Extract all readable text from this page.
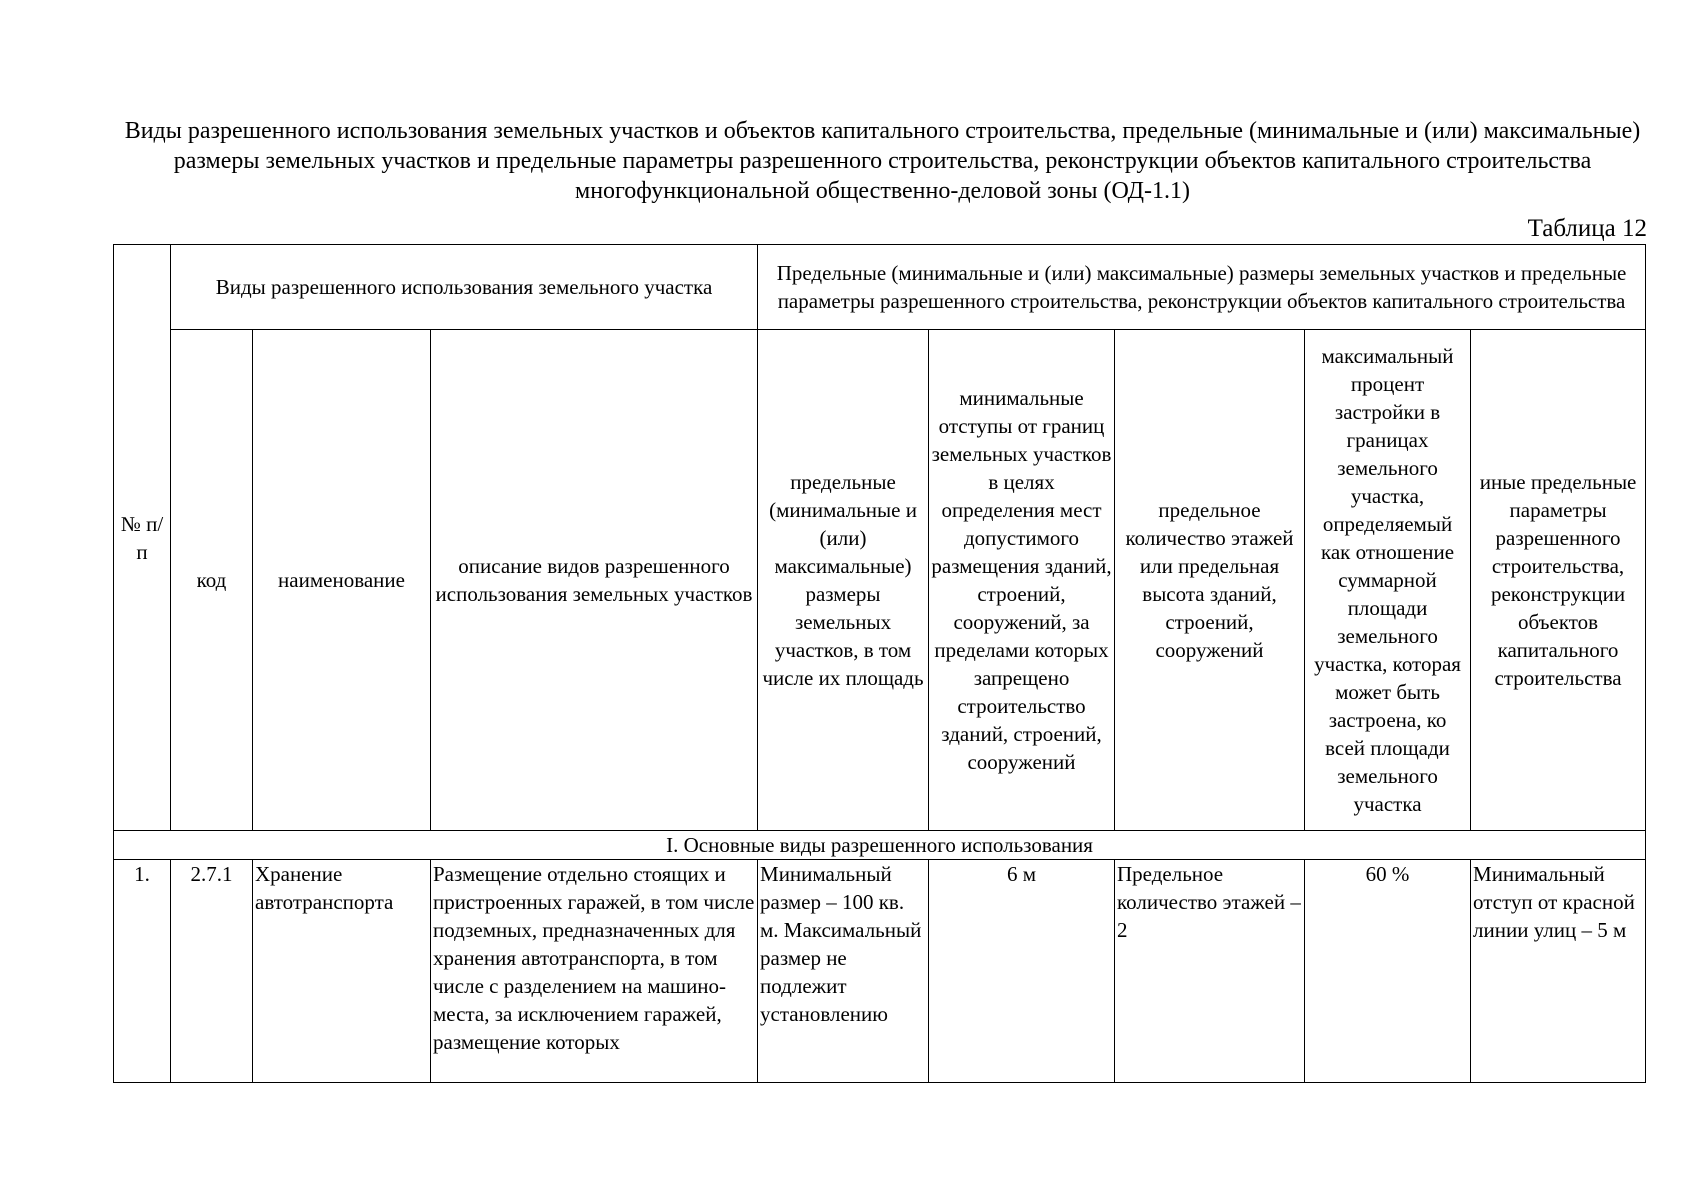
Виды разрешенного использования земельных участков и объектов капитального строительства, предельные (минимальные и (или) максимальные) размеры земельных участков и предельные параметры разрешенного строительства, реконструкции объектов капитального строительства многофункциональной общественно-деловой зоны (ОД-1.1)
Таблица 12
№ п/п	Виды разрешенного использования земельного участка			Предельные (минимальные и (или) максимальные) размеры земельных участков и предельные параметры разрешенного строительства, реконструкции объектов капитального строительства				
	код	наименование	описание видов разрешенного использования земельных участков	предельные (минимальные и (или) максимальные) размеры земельных участков, в том числе их площадь	минимальные отступы от границ земельных участков в целях определения мест допустимого размещения зданий, строений, сооружений, за пределами которых запрещено строительство зданий, строений, сооружений	предельное количество этажей или предельная высота зданий, строений, сооружений	максимальный процент застройки в границах земельного участка, определяемый как отношение суммарной площади земельного участка, которая может быть застроена, ко всей площади земельного участка	иные предельные параметры разрешенного строительства, реконструкции объектов капитального строительства
I. Основные виды разрешенного использования								
1.	2.7.1	Хранение автотранспорта	Размещение отдельно стоящих и пристроенных гаражей, в том числе подземных, предназначенных для хранения автотранспорта, в том числе с разделением на машино-места, за исключением гаражей, размещение которых	Минимальный размер – 100 кв. м. Максимальный размер не подлежит установлению	6 м	Предельное количество этажей – 2	60 %	Минимальный отступ от красной линии улиц – 5 м
